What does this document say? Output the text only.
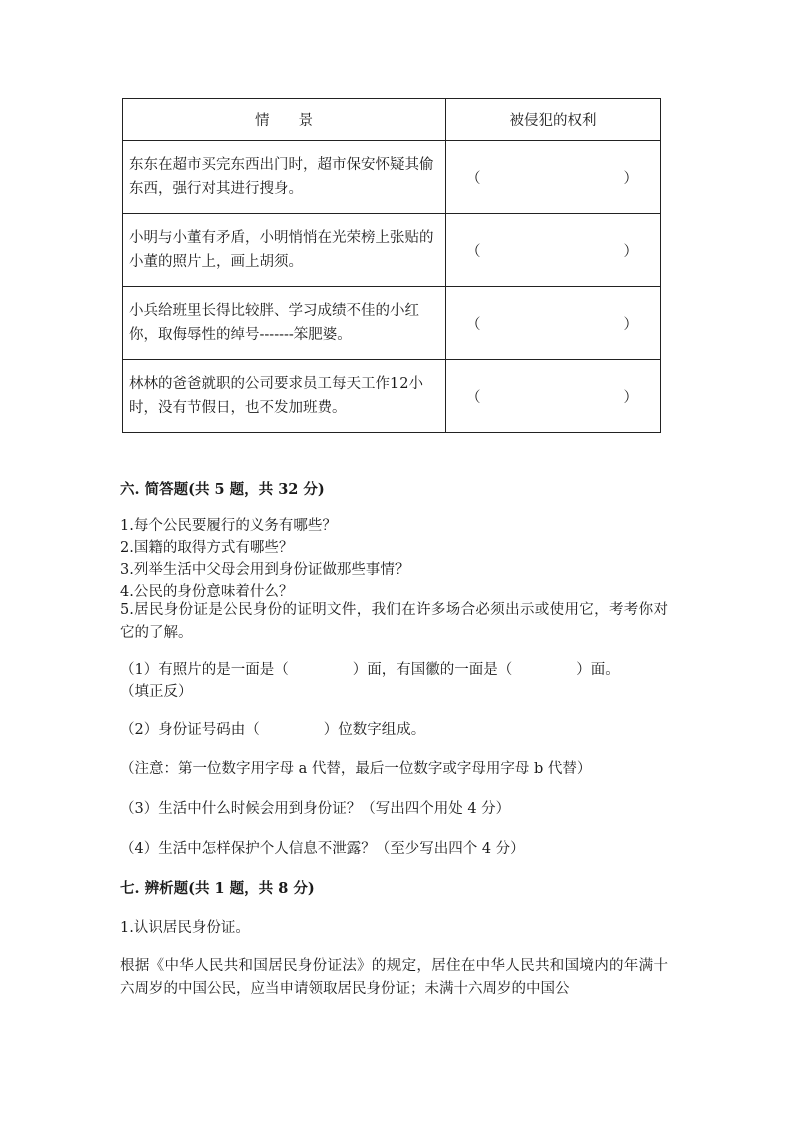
情　　景	被侵犯的权利
东东在超市买完东西出门时，超市保安怀疑其偷东西，强行对其进行搜身。	（ ）

小明与小董有矛盾，小明悄悄在光荣榜上张贴的小董的照片上，画上胡须。	（ ）

小兵给班里长得比较胖、学习成绩不佳的小红你，取侮辱性的绰号-------笨肥婆。	（ ）

林林的爸爸就职的公司要求员工每天工作12小时，没有节假日，也不发加班费。	（ ）
六. 简答题(共 5 题，共 32 分)
1.每个公民要履行的义务有哪些？
2.国籍的取得方式有哪些？
3.列举生活中父母会用到身份证做那些事情？
4.公民的身份意味着什么？
5.居民身份证是公民身份的证明文件，我们在许多场合必须出示或使用它，考考你对它的了解。
（1）有照片的是一面是（	）面，有国徽的一面是（	）面。
（填正反）
（2）身份证号码由（	）位数字组成。
（注意：第一位数字用字母 a 代替，最后一位数字或字母用字母 b 代替）
（3）生活中什么时候会用到身份证？（写出四个用处 4 分）
（4）生活中怎样保护个人信息不泄露？（至少写出四个 4 分）
七. 辨析题(共 1 题，共 8 分)
1.认识居民身份证。
根据《中华人民共和国居民身份证法》的规定，居住在中华人民共和国境内的年满十六周岁的中国公民，应当申请领取居民身份证；未满十六周岁的中国公
